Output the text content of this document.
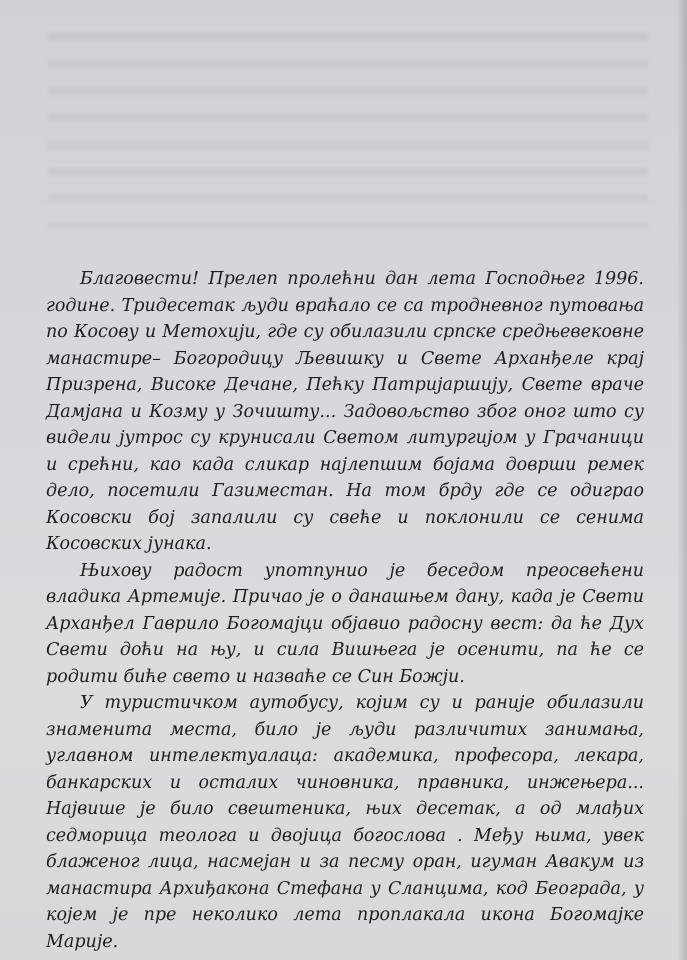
Благовести! Прелеп пролећни дан лета Господњег 1996. године. Тридесетак људи враћало се са тродневног путовања по Косову и Метохији, где су обилазили српске средњевековне манастире– Богородицу Љевишку и Свете Арханђеле крај Призрена, Високе Дечане, Пећку Патријаршију, Свете враче Дамјана и Козму у Зочишту... Задовољство због оног што су видели јутрос су крунисали Светом литургијом у Грачаници и срећни, као када сликар најлепшим бојама доврши ремек дело, посетили Газиместан. На том брду где се одиграо Косовски бој запалили су свеће и поклонили се сенима Косовских јунака.

Њихову радост употпунио је беседом преосвећени владика Артемије. Причао је о данашњем дану, када је Свети Арханђел Гаврило Богомајци објавио радосну вест: да ће Дух Свети доћи на њу, и сила Вишњега је осенити, па ће се родити биће свето и назваће се Син Божји.

У туристичком аутобусу, којим су и раније обилазили знаменита места, било је људи различитих занимања, углавном интелектуалаца: академика, професора, лекара, банкарских и осталих чиновника, правника, инжењера... Највише је било свештеника, њих десетак, а од млађих седморица теолога и двојица богослова . Међу њима, увек блаженог лица, насмејан и за песму оран, игуман Авакум из манастира Архиђакона Стефана у Сланцима, код Београда, у којем је пре неколико лета проплакала икона Богомајке Марије.
